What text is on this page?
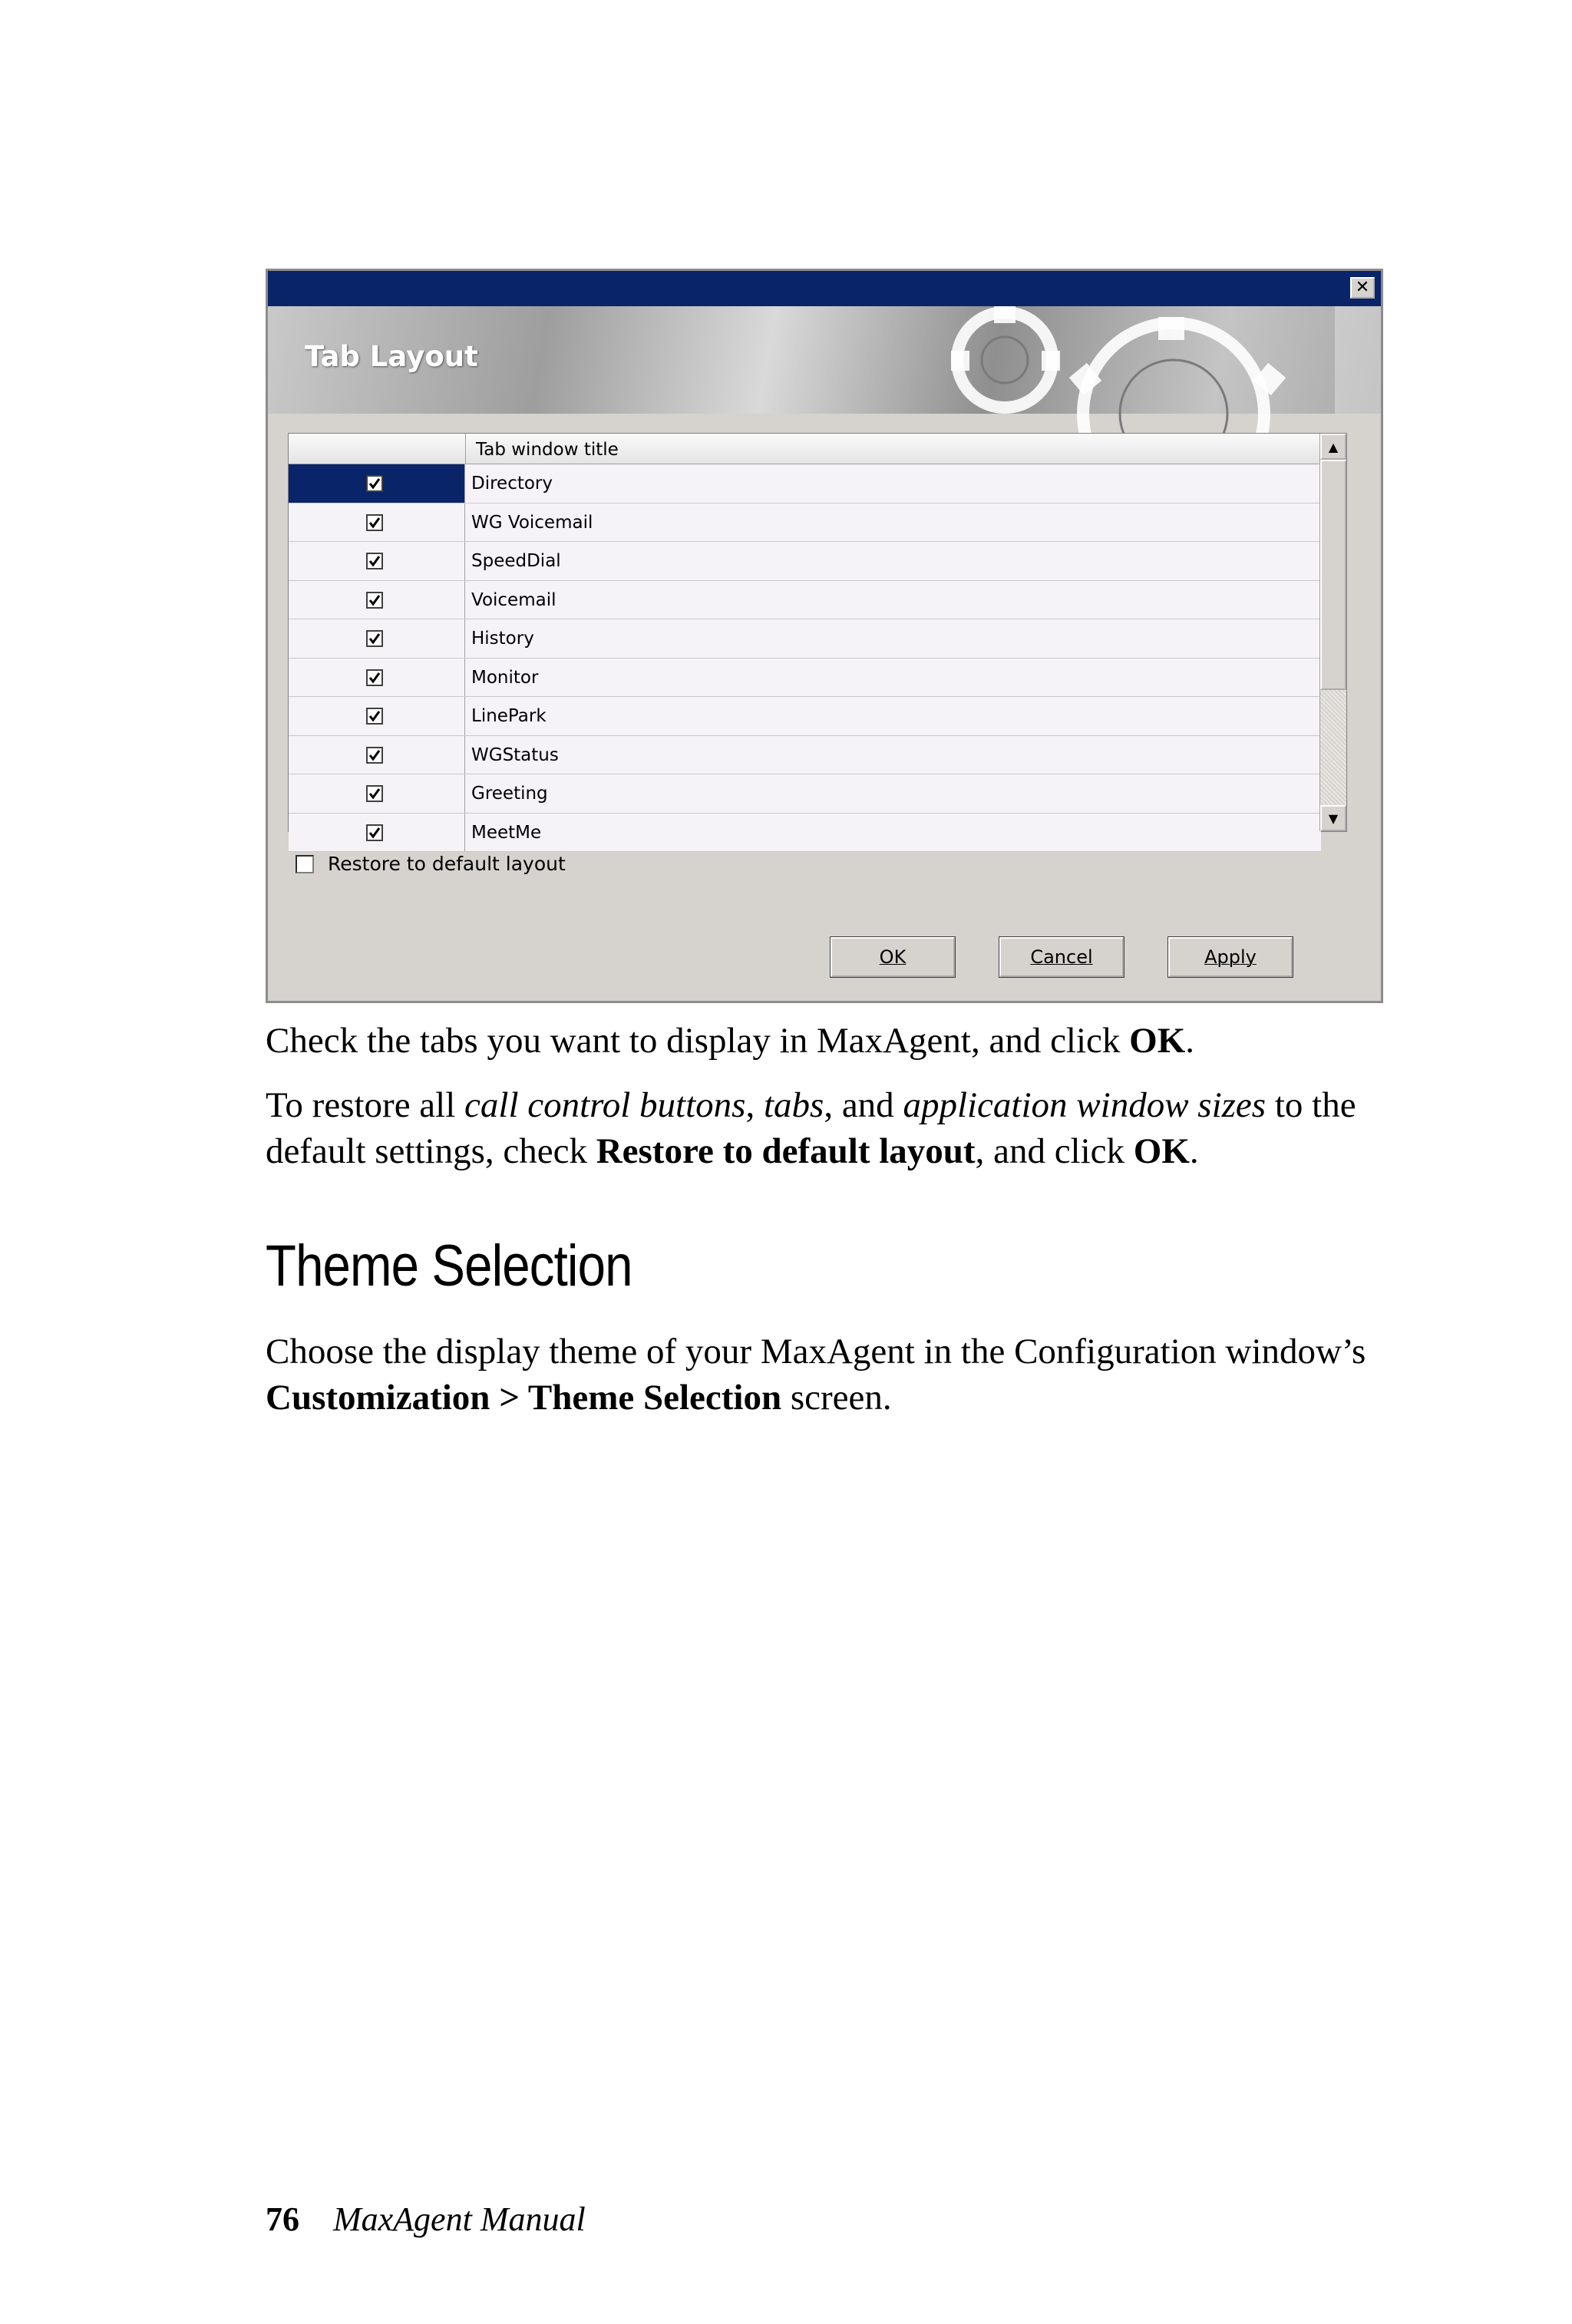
✕
Tab Layout
Tab window title
Directory
WG Voicemail
SpeedDial
Voicemail
History
Monitor
LinePark
WGStatus
Greeting
MeetMe
▲
▼
Restore to default layout
OK	Cancel	Apply

Check the tabs you want to display in MaxAgent, and click OK.

To restore all call control buttons, tabs, and application window sizes to the default settings, check Restore to default layout, and click OK.

Theme Selection

Choose the display theme of your MaxAgent in the Configuration window’s Customization > Theme Selection screen.

76 MaxAgent Manual
